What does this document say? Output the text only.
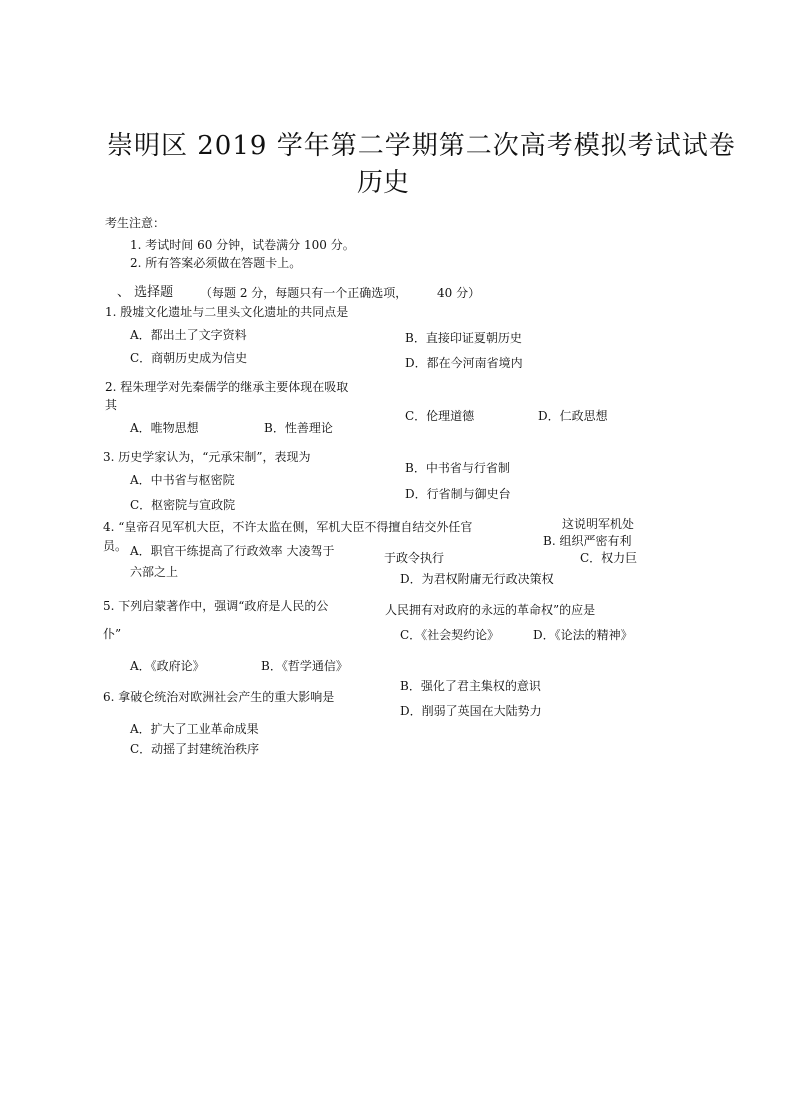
崇明区 2019 学年第二学期第二次高考模拟考试试卷
历史
考生注意：
1. 考试时间 60 分钟，试卷满分 100 分。
2. 所有答案必须做在答题卡上。
、 选择题 （每题 2 分，每题只有一个正确选项， 40 分）
1. 殷墟文化遗址与二里头文化遗址的共同点是
A．都出土了文字资料	B．直接印证夏朝历史
C．商朝历史成为信史	D．都在今河南省境内
2. 程朱理学对先秦儒学的继承主要体现在吸取
其
C．伦理道德	D．仁政思想
A．唯物思想	B．性善理论
3. 历史学家认为，“元承宋制”，表现为
B．中书省与行省制
A．中书省与枢密院
D．行省制与御史台
C．枢密院与宣政院
这说明军机处
4. “皇帝召见军机大臣，不许太监在侧，军机大臣不得擅自结交外任官
B. 组织严密有利
员。 A．职官干练提高了行政效率 大凌驾于	于政令执行	C．权力巨
六部之上	D．为君权附庸无行政决策权
5. 下列启蒙著作中，强调“政府是人民的公	人民拥有对政府的永远的革命权”的应是
仆”	C．《社会契约论》	D．《论法的精神》
A．《政府论》	B．《哲学通信》
B．强化了君主集权的意识
6. 拿破仑统治对欧洲社会产生的重大影响是
D．削弱了英国在大陆势力
A．扩大了工业革命成果
C．动摇了封建统治秩序
